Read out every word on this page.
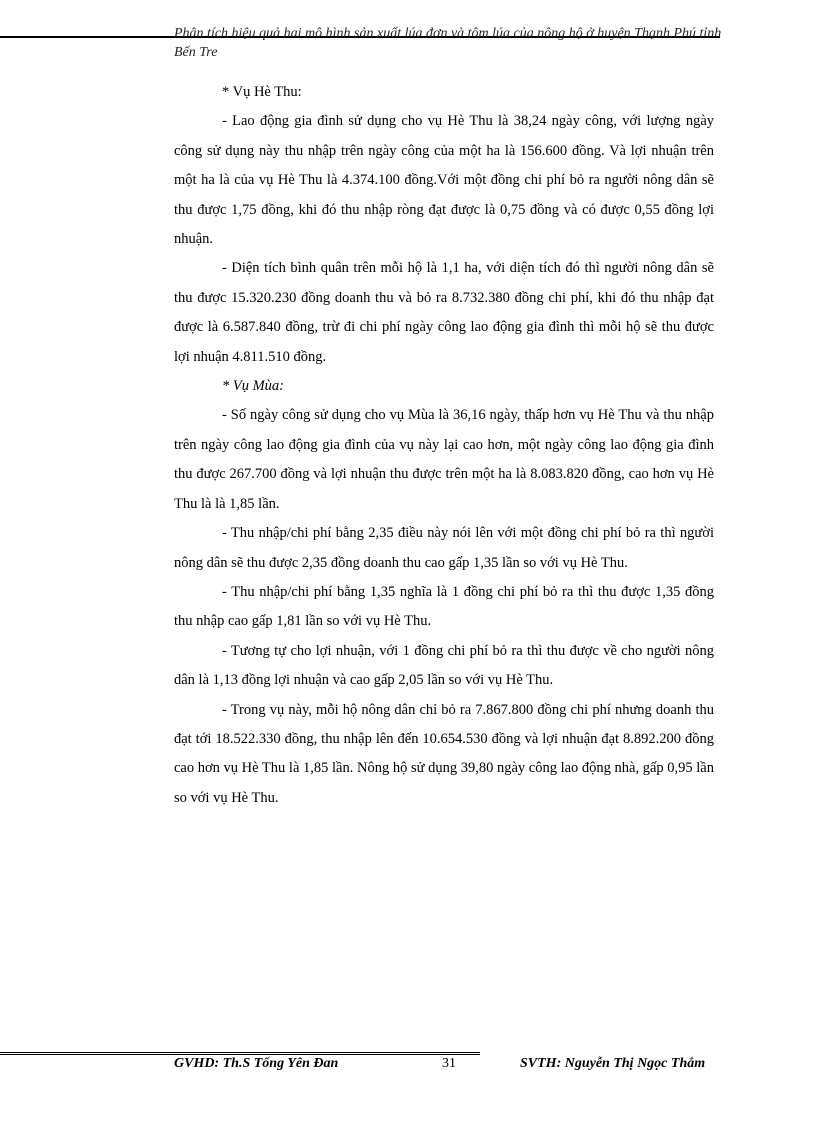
Phân tích hiệu quả hai mô hình sản xuất lúa đơn và tôm lúa của nông hộ ở huyện Thạnh Phú tỉnh Bến Tre

* Vụ Hè Thu:

- Lao động gia đình sử dụng cho vụ Hè Thu là 38,24 ngày công, với lượng ngày công sử dụng này thu nhập trên ngày công của một ha là 156.600 đồng. Và lợi nhuận trên một ha là của vụ Hè Thu là 4.374.100 đồng.Với một đồng chi phí bỏ ra người nông dân sẽ thu được 1,75 đồng, khi đó thu nhập ròng đạt được là 0,75 đồng và có được 0,55 đồng lợi nhuận.

- Diện tích bình quân trên mỗi hộ là 1,1 ha, với diện tích đó thì người nông dân sẽ thu được 15.320.230 đồng doanh thu và bỏ ra 8.732.380 đồng chi phí, khi đó thu nhập đạt được là 6.587.840 đồng, trừ đi chi phí ngày công lao động gia đình thì mỗi hộ sẽ thu được lợi nhuận 4.811.510 đồng.

* Vụ Mùa:

- Số ngày công sử dụng cho vụ Mùa là 36,16 ngày, thấp hơn vụ Hè Thu và thu nhập trên ngày công lao động gia đình của vụ này lại cao hơn, một ngày công lao động gia đình thu được 267.700 đồng và lợi nhuận thu được trên một ha là 8.083.820 đồng, cao hơn vụ Hè Thu là là 1,85 lần.

- Thu nhập/chi phí bằng 2,35 điều này nói lên với một đồng chi phí bỏ ra thì người nông dân sẽ thu được 2,35 đồng doanh thu cao gấp 1,35 lần so với vụ Hè Thu.

- Thu nhập/chi phí bằng 1,35 nghĩa là 1 đồng chi phí bỏ ra thì thu được 1,35 đồng thu nhập cao gấp 1,81 lần so với vụ Hè Thu.

- Tương tự cho lợi nhuận, với 1 đồng chi phí bỏ ra thì thu được về cho người nông dân là 1,13 đồng lợi nhuận và cao gấp 2,05 lần so với vụ Hè Thu.

- Trong vụ này, mỗi hộ nông dân chỉ bỏ ra 7.867.800 đồng chi phí nhưng doanh thu đạt tới 18.522.330 đồng, thu nhập lên đến 10.654.530 đồng và lợi nhuận đạt 8.892.200 đồng cao hơn vụ Hè Thu là 1,85 lần. Nông hộ sử dụng 39,80 ngày công lao động nhà, gấp 0,95 lần so với vụ Hè Thu.

GVHD: Th.S Tống Yên Đan	31	SVTH: Nguyễn Thị Ngọc Thắm
